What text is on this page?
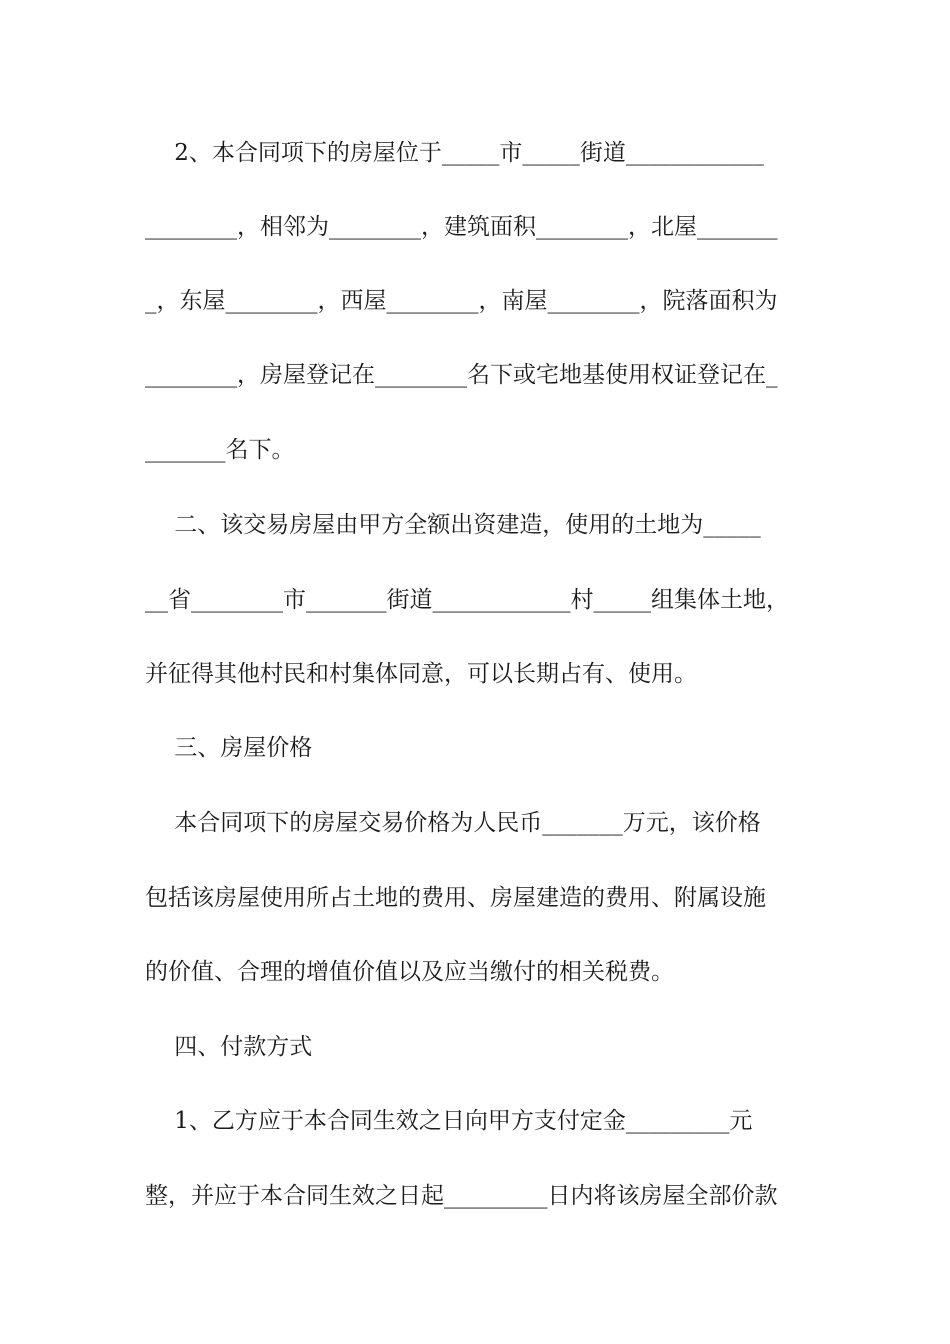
2、本合同项下的房屋位于_____市_____街道____________
________，相邻为________，建筑面积________，北屋_______
_，东屋________，西屋________，南屋________，院落面积为
________，房屋登记在________名下或宅地基使用权证登记在_
_______名下。
二、该交易房屋由甲方全额出资建造，使用的土地为_____
__省________市_______街道____________村_____组集体土地，
并征得其他村民和村集体同意，可以长期占有、使用。
三、房屋价格
本合同项下的房屋交易价格为人民币_______万元，该价格
包括该房屋使用所占土地的费用、房屋建造的费用、附属设施
的价值、合理的增值价值以及应当缴付的相关税费。
四、付款方式
1、乙方应于本合同生效之日向甲方支付定金_________元
整，并应于本合同生效之日起_________日内将该房屋全部价款
